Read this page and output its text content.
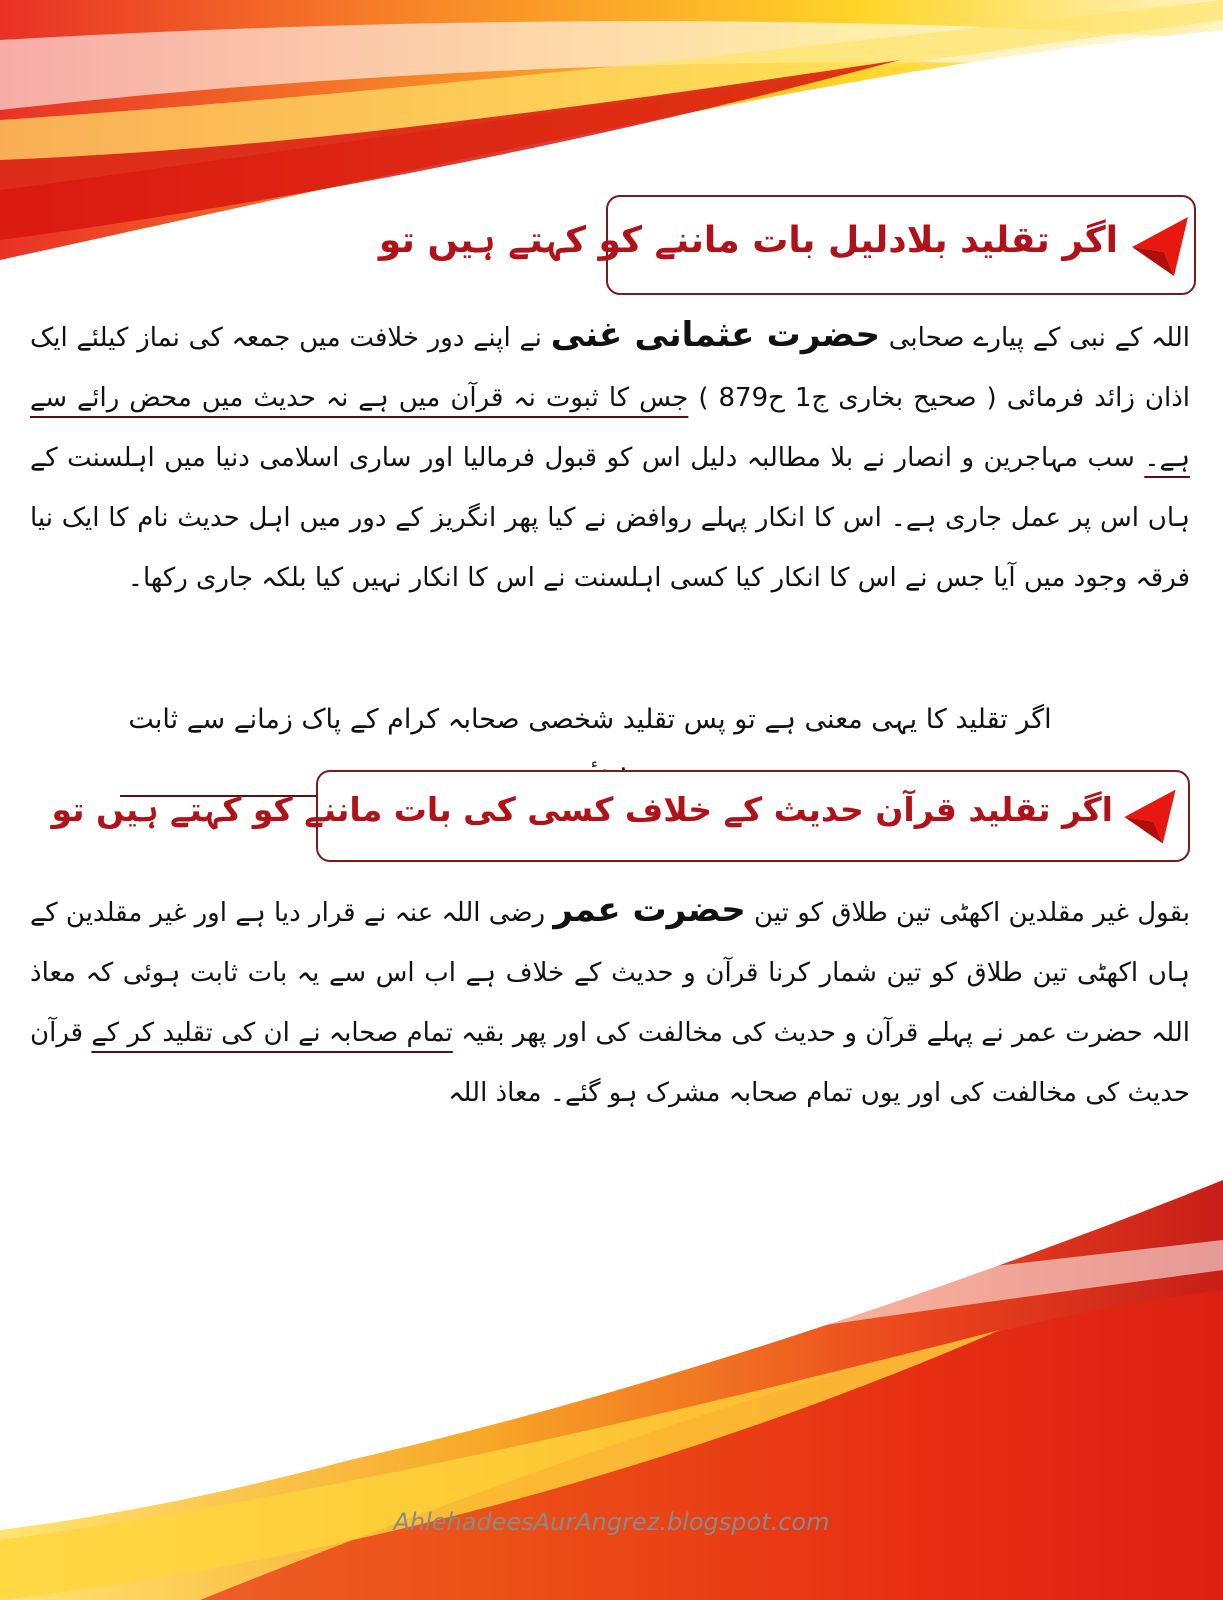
اگر تقلید بلادلیل بات ماننے کو کہتے ہیں تو
اللہ کے نبی کے پیارے صحابی حضرت عثمانی غنی نے اپنے دور خلافت میں جمعہ کی نماز کیلئے ایک اذان زائد فرمائی ( صحیح بخاری ج1 ح879 ) جس کا ثبوت نہ قرآن میں ہے نہ حدیث میں محض رائے سے ہے۔ سب مہاجرین و انصار نے بلا مطالبہ دلیل اس کو قبول فرمالیا اور ساری اسلامی دنیا میں اہلسنت کے ہاں اس پر عمل جاری ہے۔ اس کا انکار پہلے روافض نے کیا پھر انگریز کے دور میں اہل حدیث نام کا ایک نیا فرقہ وجود میں آیا جس نے اس کا انکار کیا کسی اہلسنت نے اس کا انکار نہیں کیا بلکہ جاری رکھا۔
اگر تقلید کا یہی معنی ہے تو پس تقلید شخصی صحابہ کرام کے پاک زمانے سے ثابت
اگر تقلید قرآن حدیث کے خلاف کسی کی بات ماننے کو کہتے ہیں تو
بقول غیر مقلدین اکھٹی تین طلاق کو تین حضرت عمر رضی اللہ عنہ نے قرار دیا ہے اور غیر مقلدین کے ہاں اکھٹی تین طلاق کو تین شمار کرنا قرآن و حدیث کے خلاف ہے اب اس سے یہ بات ثابت ہوئی کہ معاذ اللہ حضرت عمر نے پہلے قرآن و حدیث کی مخالفت کی اور پھر بقیہ تمام صحابہ نے ان کی تقلید کر کے قرآن حدیث کی مخالفت کی اور یوں تمام صحابہ مشرک ہو گئے۔ معاذ اللہ
AhlehadeesAurAngrez.blogspot.com
